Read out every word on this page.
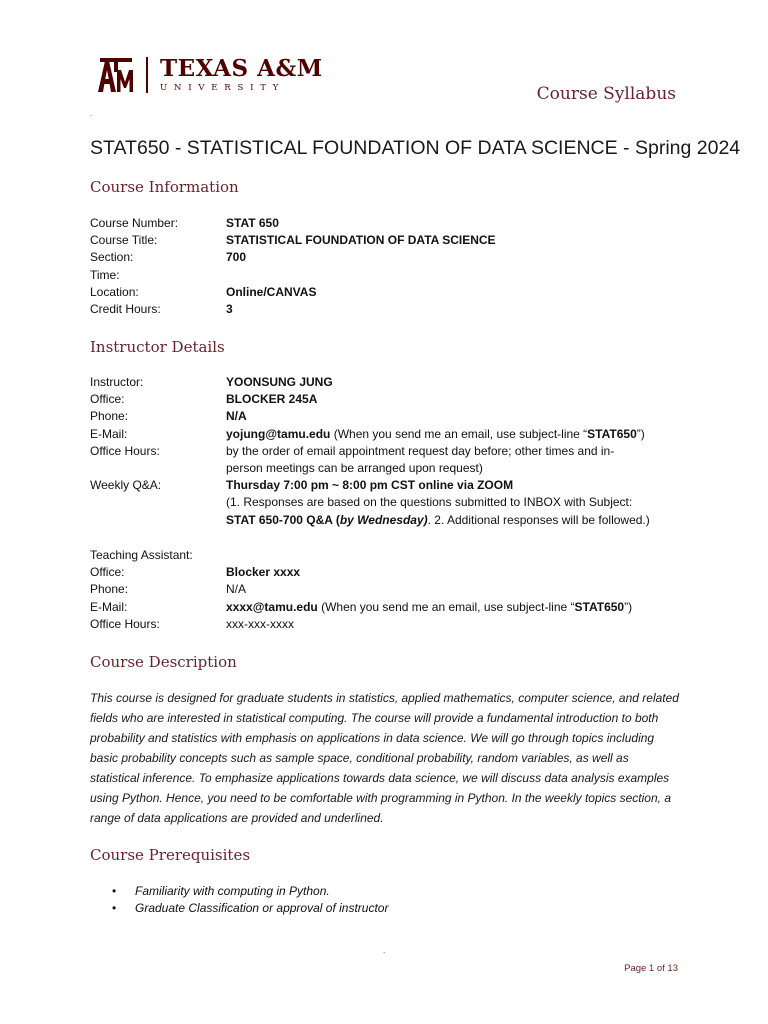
TEXAS A&M
UNIVERSITY	Course Syllabus
.
STAT650 - STATISTICAL FOUNDATION OF DATA SCIENCE - Spring 2024
Course Information
Course Number:	STAT 650
Course Title:	STATISTICAL FOUNDATION OF DATA SCIENCE
Section:	700
Time:
Location:	Online/CANVAS
Credit Hours:	3
Instructor Details
Instructor:	YOONSUNG JUNG
Office:	BLOCKER 245A
Phone:	N/A
E-Mail:	yojung@tamu.edu (When you send me an email, use subject-line “STAT650”)
Office Hours:	by the order of email appointment request day before; other times and in-
person meetings can be arranged upon request)
Weekly Q&A:	Thursday 7:00 pm ~ 8:00 pm CST online via ZOOM
(1. Responses are based on the questions submitted to INBOX with Subject:
STAT 650-700 Q&A (by Wednesday). 2. Additional responses will be followed.)
Teaching Assistant:
Office:	Blocker xxxx
Phone:	N/A
E-Mail:	xxxx@tamu.edu (When you send me an email, use subject-line “STAT650”)
Office Hours:	xxx-xxx-xxxx
Course Description

This course is designed for graduate students in statistics, applied mathematics, computer science, and related fields who are interested in statistical computing. The course will provide a fundamental introduction to both probability and statistics with emphasis on applications in data science. We will go through topics including basic probability concepts such as sample space, conditional probability, random variables, as well as statistical inference. To emphasize applications towards data science, we will discuss data analysis examples using Python. Hence, you need to be comfortable with programming in Python. In the weekly topics section, a range of data applications are provided and underlined.

Course Prerequisites
• Familiarity with computing in Python.
• Graduate Classification or approval of instructor
.
Page 1 of 13
